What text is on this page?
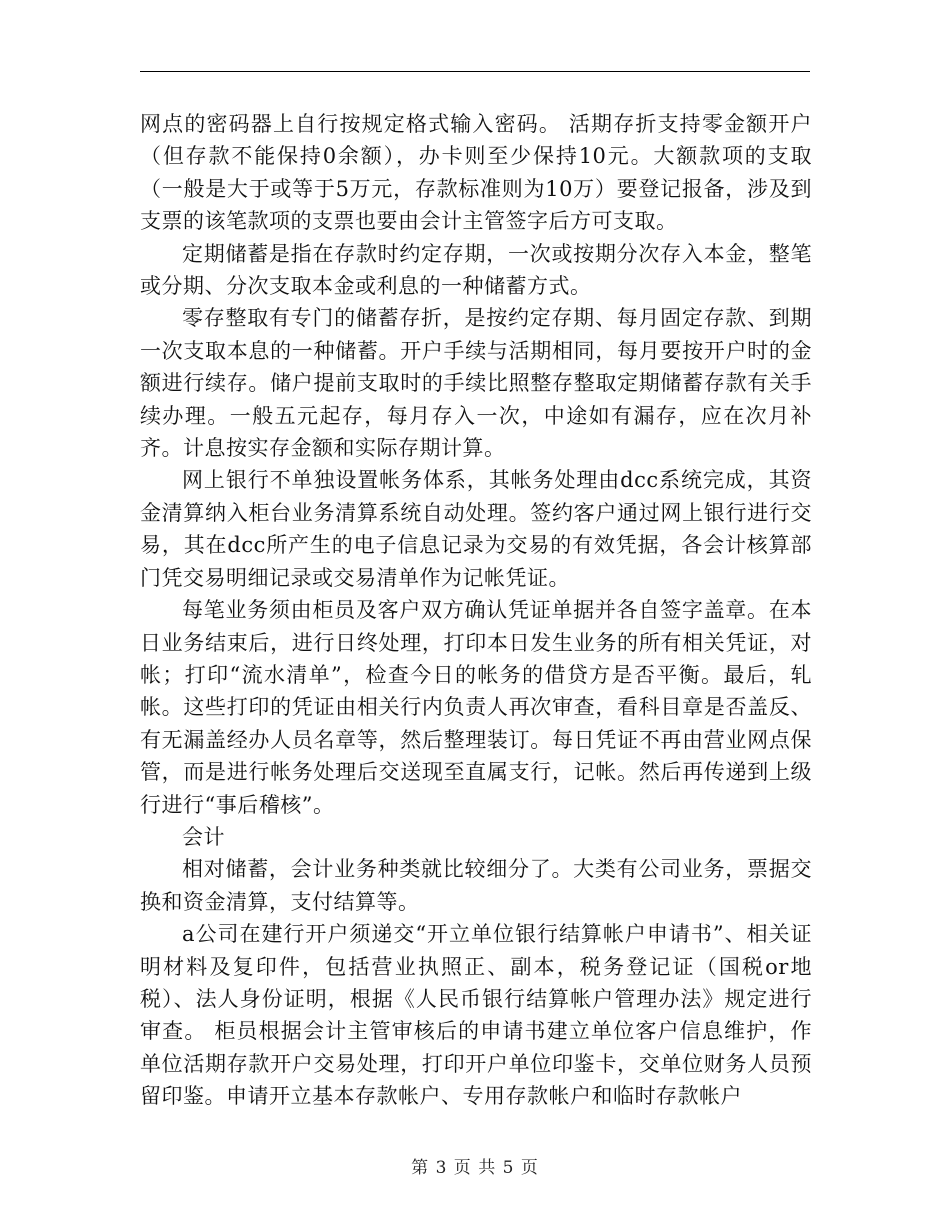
网点的密码器上自行按规定格式输入密码。 活期存折支持零金额开户（但存款不能保持0余额），办卡则至少保持10元。大额款项的支取（一般是大于或等于5万元，存款标准则为10万）要登记报备，涉及到支票的该笔款项的支票也要由会计主管签字后方可支取。

定期储蓄是指在存款时约定存期，一次或按期分次存入本金，整笔或分期、分次支取本金或利息的一种储蓄方式。

零存整取有专门的储蓄存折，是按约定存期、每月固定存款、到期一次支取本息的一种储蓄。开户手续与活期相同，每月要按开户时的金额进行续存。储户提前支取时的手续比照整存整取定期储蓄存款有关手续办理。一般五元起存，每月存入一次，中途如有漏存，应在次月补齐。计息按实存金额和实际存期计算。

网上银行不单独设置帐务体系，其帐务处理由dcc系统完成，其资金清算纳入柜台业务清算系统自动处理。签约客户通过网上银行进行交易，其在dcc所产生的电子信息记录为交易的有效凭据，各会计核算部门凭交易明细记录或交易清单作为记帐凭证。

每笔业务须由柜员及客户双方确认凭证单据并各自签字盖章。在本日业务结束后，进行日终处理，打印本日发生业务的所有相关凭证，对帐；打印“流水清单”，检查今日的帐务的借贷方是否平衡。最后，轧帐。这些打印的凭证由相关行内负责人再次审查，看科目章是否盖反、有无漏盖经办人员名章等，然后整理装订。每日凭证不再由营业网点保管，而是进行帐务处理后交送现至直属支行，记帐。然后再传递到上级行进行“事后稽核”。

会计

相对储蓄，会计业务种类就比较细分了。大类有公司业务，票据交换和资金清算，支付结算等。

a公司在建行开户须递交“开立单位银行结算帐户申请书”、相关证明材料及复印件，包括营业执照正、副本，税务登记证（国税or地税）、法人身份证明，根据《人民币银行结算帐户管理办法》规定进行审查。 柜员根据会计主管审核后的申请书建立单位客户信息维护，作单位活期存款开户交易处理，打印开户单位印鉴卡，交单位财务人员预留印鉴。申请开立基本存款帐户、专用存款帐户和临时存款帐户

第 3 页 共 5 页
